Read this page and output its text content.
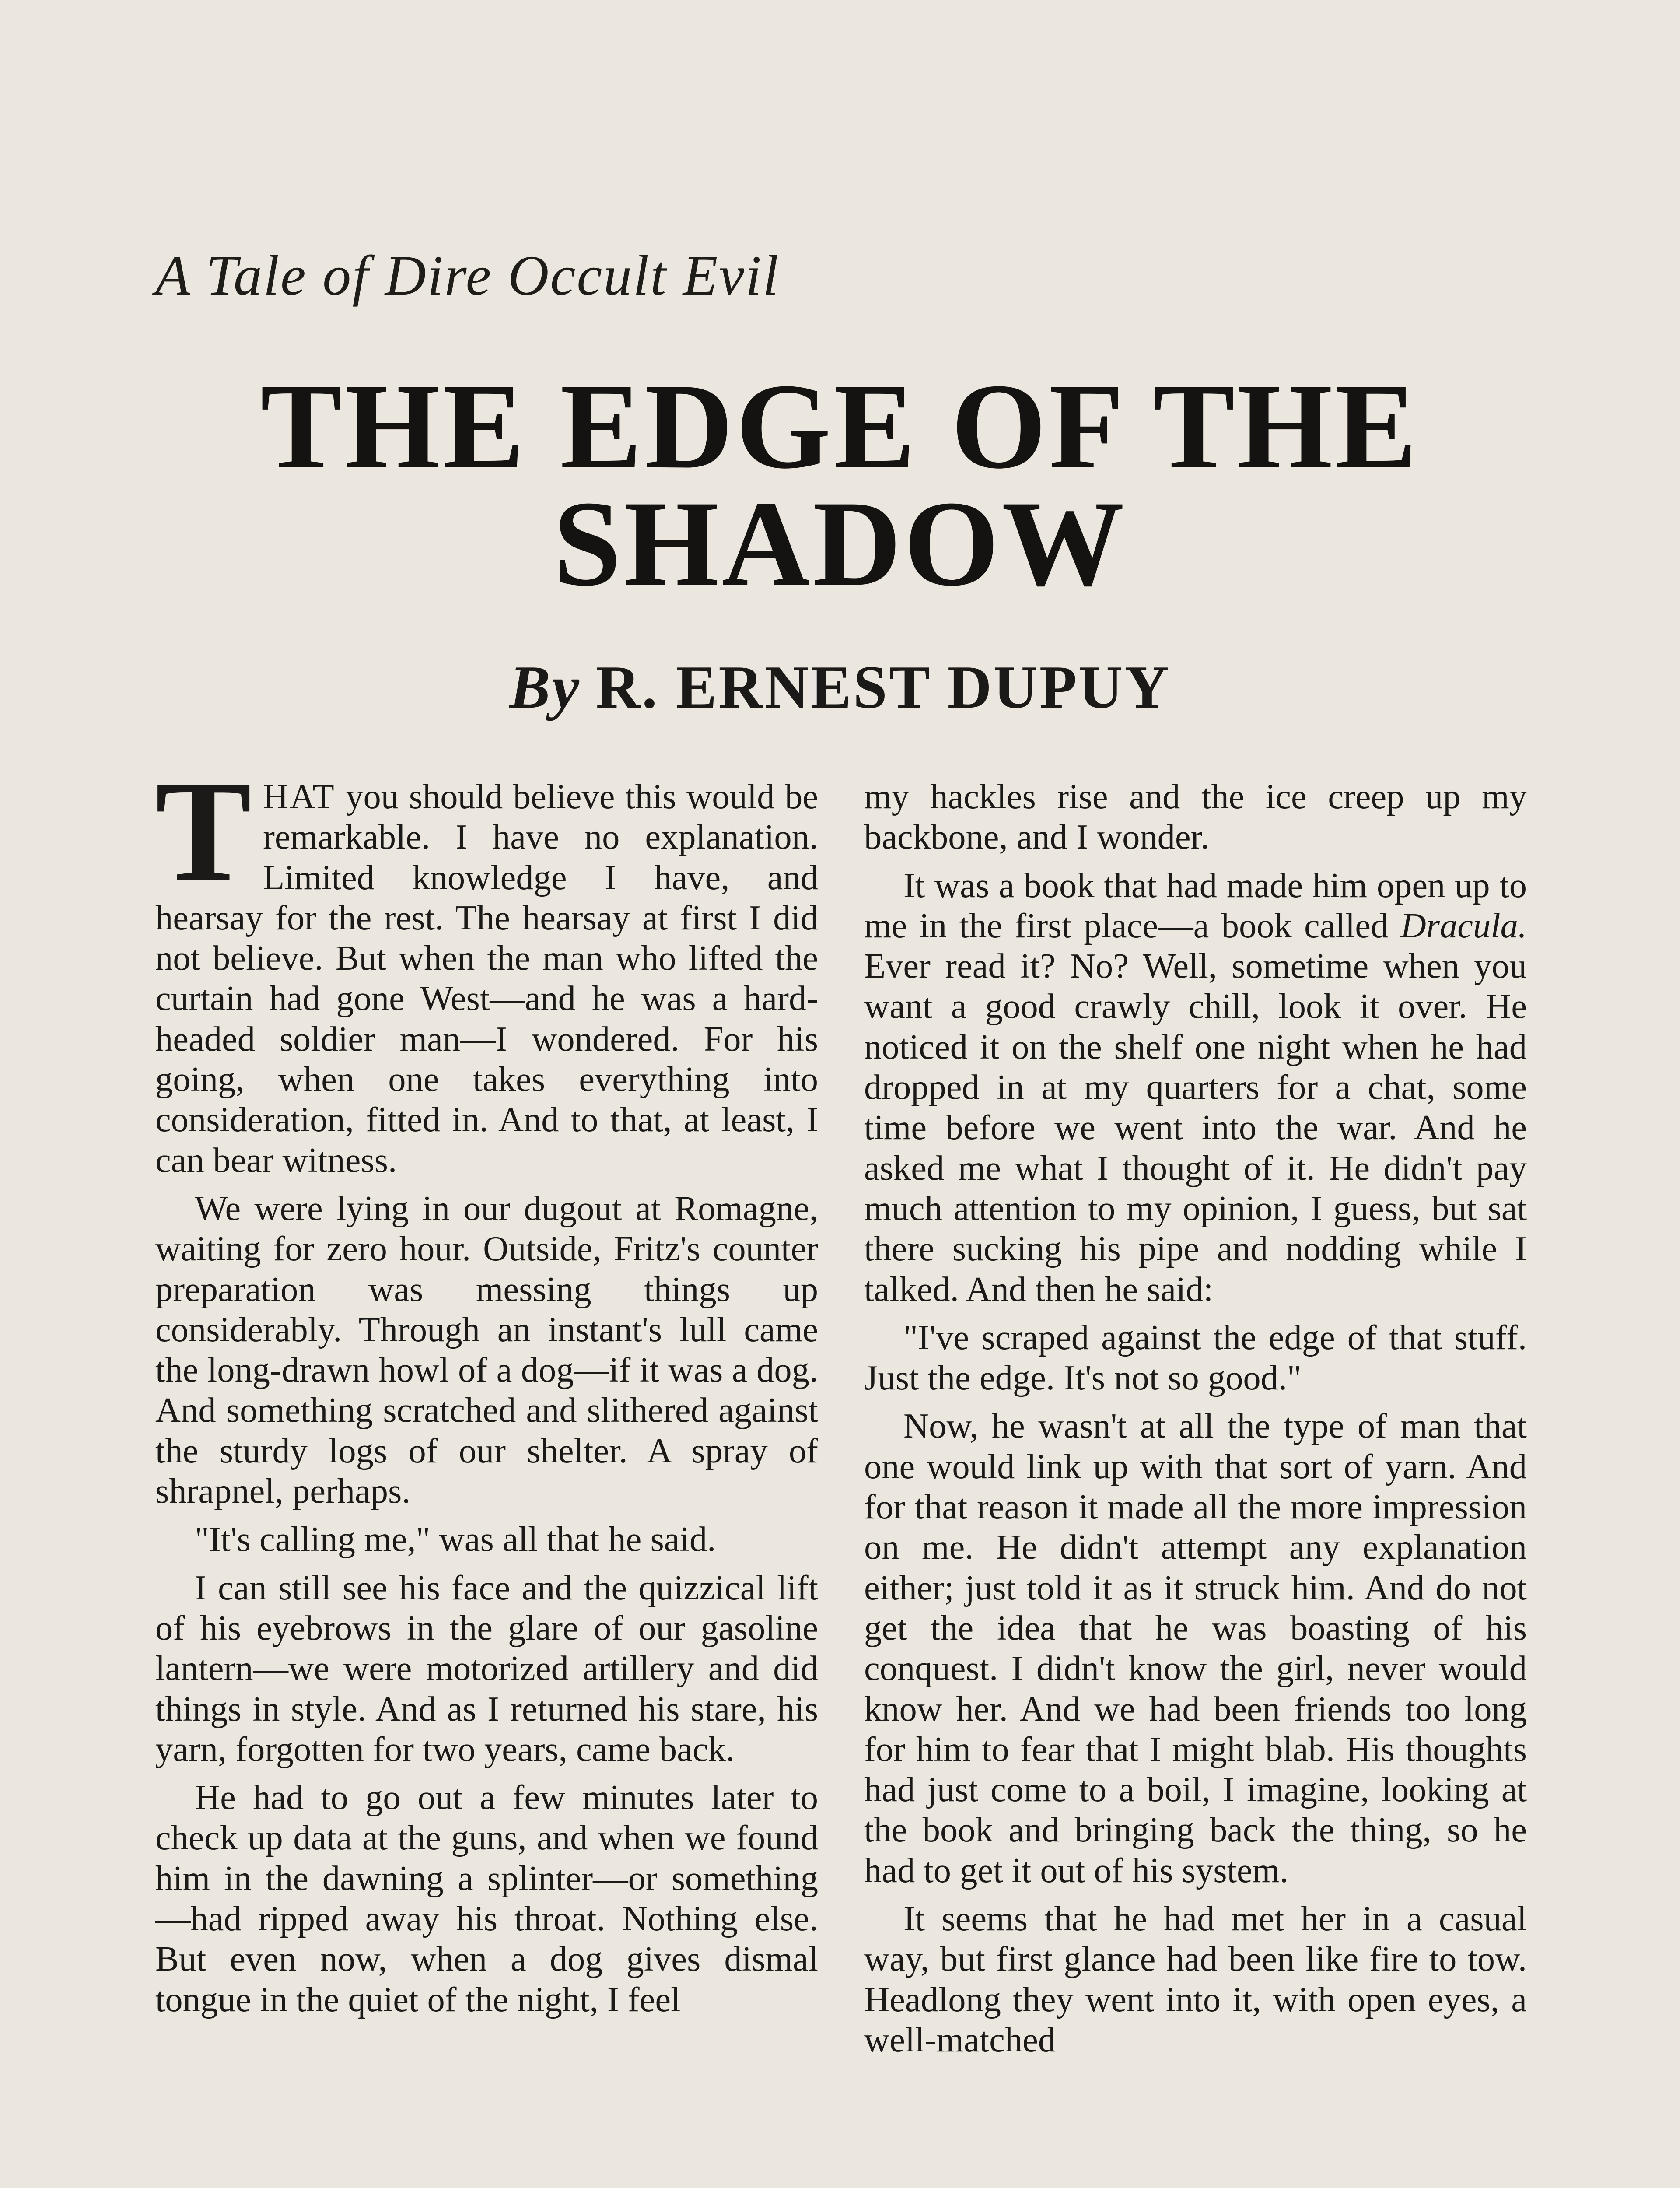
A Tale of Dire Occult Evil
THE EDGE OF THE SHADOW
By R. ERNEST DUPUY

THAT you should believe this would be remarkable. I have no explanation. Limited knowledge I have, and hearsay for the rest. The hearsay at first I did not believe. But when the man who lifted the curtain had gone West—and he was a hard-headed soldier man—I wondered. For his going, when one takes everything into consideration, fitted in. And to that, at least, I can bear witness.

We were lying in our dugout at Romagne, waiting for zero hour. Outside, Fritz's counter preparation was messing things up considerably. Through an instant's lull came the long-drawn howl of a dog—if it was a dog. And something scratched and slithered against the sturdy logs of our shelter. A spray of shrapnel, perhaps.

"It's calling me," was all that he said.

I can still see his face and the quizzical lift of his eyebrows in the glare of our gasoline lantern—we were motorized artillery and did things in style. And as I returned his stare, his yarn, forgotten for two years, came back.

He had to go out a few minutes later to check up data at the guns, and when we found him in the dawning a splinter—or something—had ripped away his throat. Nothing else. But even now, when a dog gives dismal tongue in the quiet of the night, I feel

my hackles rise and the ice creep up my backbone, and I wonder.

It was a book that had made him open up to me in the first place—a book called Dracula. Ever read it? No? Well, sometime when you want a good crawly chill, look it over. He noticed it on the shelf one night when he had dropped in at my quarters for a chat, some time before we went into the war. And he asked me what I thought of it. He didn't pay much attention to my opinion, I guess, but sat there sucking his pipe and nodding while I talked. And then he said:

"I've scraped against the edge of that stuff. Just the edge. It's not so good."

Now, he wasn't at all the type of man that one would link up with that sort of yarn. And for that reason it made all the more impression on me. He didn't attempt any explanation either; just told it as it struck him. And do not get the idea that he was boasting of his conquest. I didn't know the girl, never would know her. And we had been friends too long for him to fear that I might blab. His thoughts had just come to a boil, I imagine, looking at the book and bringing back the thing, so he had to get it out of his system.

It seems that he had met her in a casual way, but first glance had been like fire to tow. Headlong they went into it, with open eyes, a well-matched
